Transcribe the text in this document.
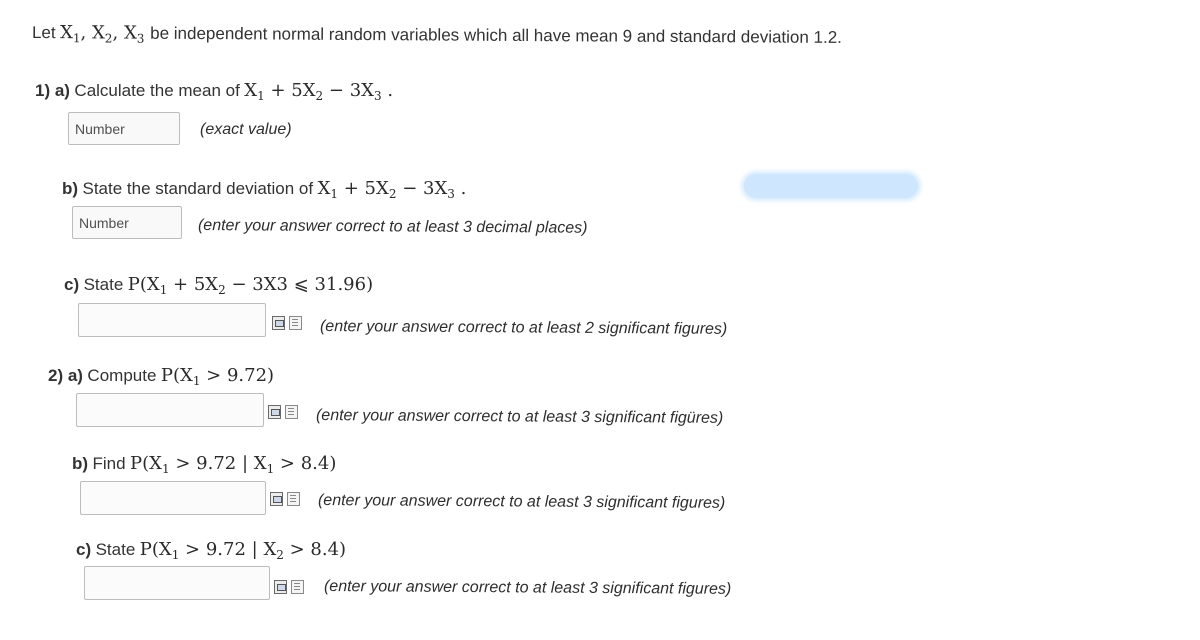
Let $X_1$, $X_2$, $X_3$ be independent normal random variables which all have mean 9 and standard deviation 1.2.
1) a) Calculate the mean of $X_1 + 5X_2 - 3X_3$ .
Number
(exact value)
b) State the standard deviation of $X_1 + 5X_2 - 3X_3$ .
Number
(enter your answer correct to at least 3 decimal places)
c) State $P(X_1 + 5X_2 - 3X3$ ⩽ 31.96)
(enter your answer correct to at least 2 significant figures)
2) a) Compute $P(X_1 > 9.72)$
(enter your answer correct to at least 3 significant figüres)
b) Find $P(X_1 > 9.72$ | $X_1 > 8.4$)
(enter your answer correct to at least 3 significant figures)
c) State $P(X_1 > 9.72$ | $X_2 > 8.4$)
(enter your answer correct to at least 3 significant figures)
